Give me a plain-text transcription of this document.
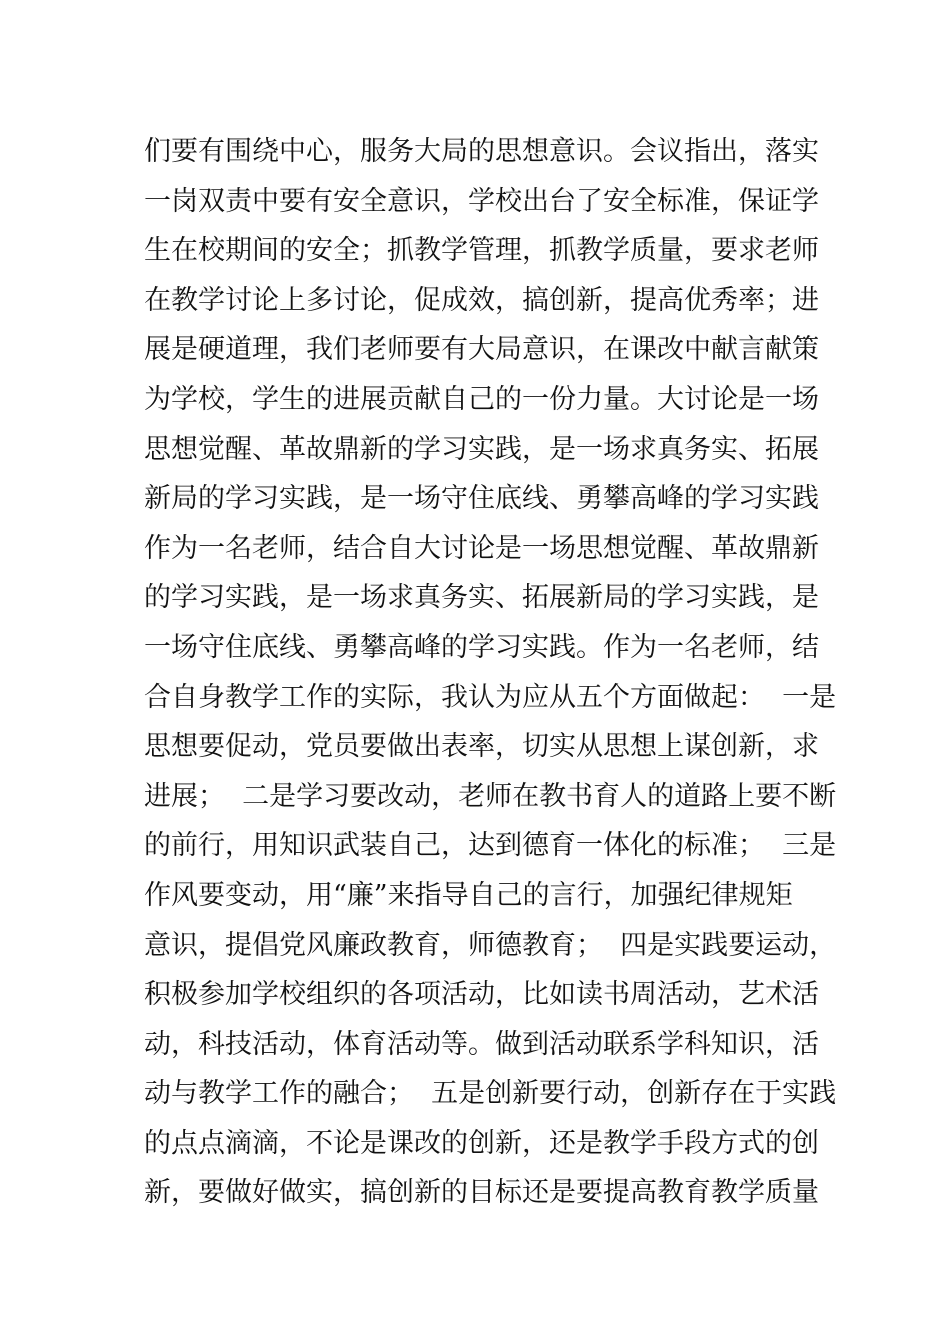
们要有围绕中心，服务大局的思想意识。会议指出，落实
一岗双责中要有安全意识，学校出台了安全标准，保证学
生在校期间的安全；抓教学管理，抓教学质量，要求老师
在教学讨论上多讨论，促成效，搞创新，提高优秀率；进
展是硬道理，我们老师要有大局意识，在课改中献言献策
为学校，学生的进展贡献自己的一份力量。大讨论是一场
思想觉醒、革故鼎新的学习实践，是一场求真务实、拓展
新局的学习实践，是一场守住底线、勇攀高峰的学习实践
作为一名老师，结合自大讨论是一场思想觉醒、革故鼎新
的学习实践，是一场求真务实、拓展新局的学习实践，是
一场守住底线、勇攀高峰的学习实践。作为一名老师，结
合自身教学工作的实际，我认为应从五个方面做起：  一是
思想要促动，党员要做出表率，切实从思想上谋创新，求
进展；  二是学习要改动，老师在教书育人的道路上要不断
的前行，用知识武装自己，达到德育一体化的标准；  三是
作风要变动，用“廉”来指导自己的言行，加强纪律规矩
意识，提倡党风廉政教育，师德教育；  四是实践要运动，
积极参加学校组织的各项活动，比如读书周活动，艺术活
动，科技活动，体育活动等。做到活动联系学科知识，活
动与教学工作的融合；  五是创新要行动，创新存在于实践
的点点滴滴，不论是课改的创新，还是教学手段方式的创
新，要做好做实，搞创新的目标还是要提高教育教学质量
